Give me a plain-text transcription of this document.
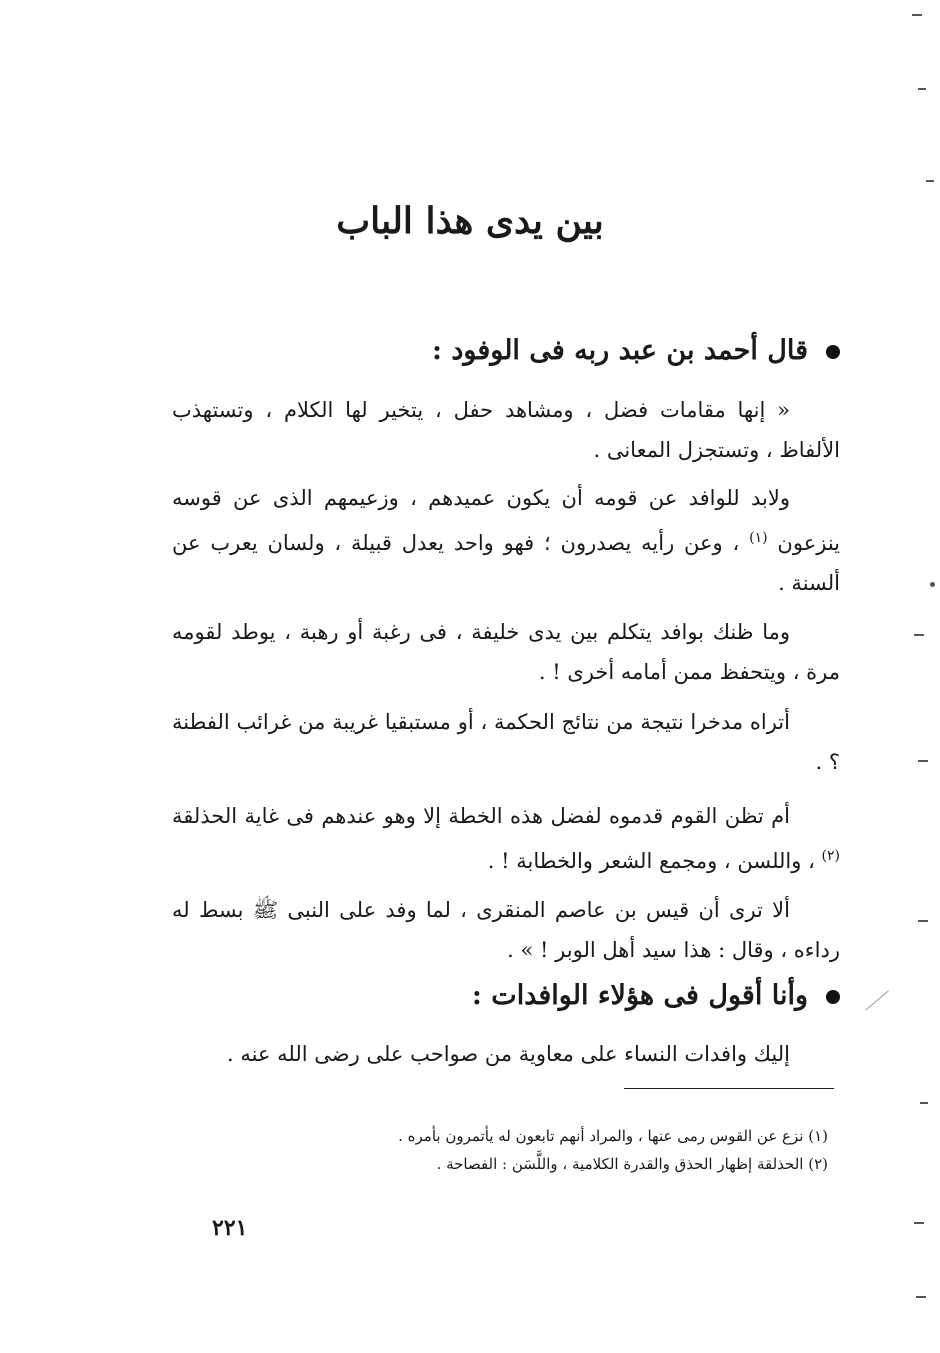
بين يدى هذا الباب
قال أحمد بن عبد ربه فى الوفود :
« إنها مقامات فضل ، ومشاهد حفل ، يتخير لها الكلام ، وتستهذب الألفاظ ، وتستجزل المعانى .
ولابد للوافد عن قومه أن يكون عميدهم ، وزعيمهم الذى عن قوسه ينزعون $^{(١)}$ ، وعن رأيه يصدرون ؛ فهو واحد يعدل قبيلة ، ولسان يعرب عن ألسنة .
وما ظنك بوافد يتكلم بين يدى خليفة ، فى رغبة أو رهبة ، يوطد لقومه مرة ، ويتحفظ ممن أمامه أخرى ! .
أتراه مدخرا نتيجة من نتائج الحكمة ، أو مستبقيا غريبة من غرائب الفطنة ؟ .
أم تظن القوم قدموه لفضل هذه الخطة إلا وهو عندهم فى غاية الحذلقة $^{(٢)}$ ، واللسن ، ومجمع الشعر والخطابة ! .
ألا ترى أن قيس بن عاصم المنقرى ، لما وفد على النبى ﷺ بسط له رداءه ، وقال : هذا سيد أهل الوبر ! » .
وأنا أقول فى هؤلاء الوافدات :
إليك وافدات النساء على معاوية من صواحب على رضى الله عنه .
(١) نزع عن القوس رمى عنها ، والمراد أنهم تابعون له يأتمرون بأمره .
(٢) الحذلقة إظهار الحذق والقدرة الكلامية ، واللَّسَن : الفصاحة .
٢٢١
